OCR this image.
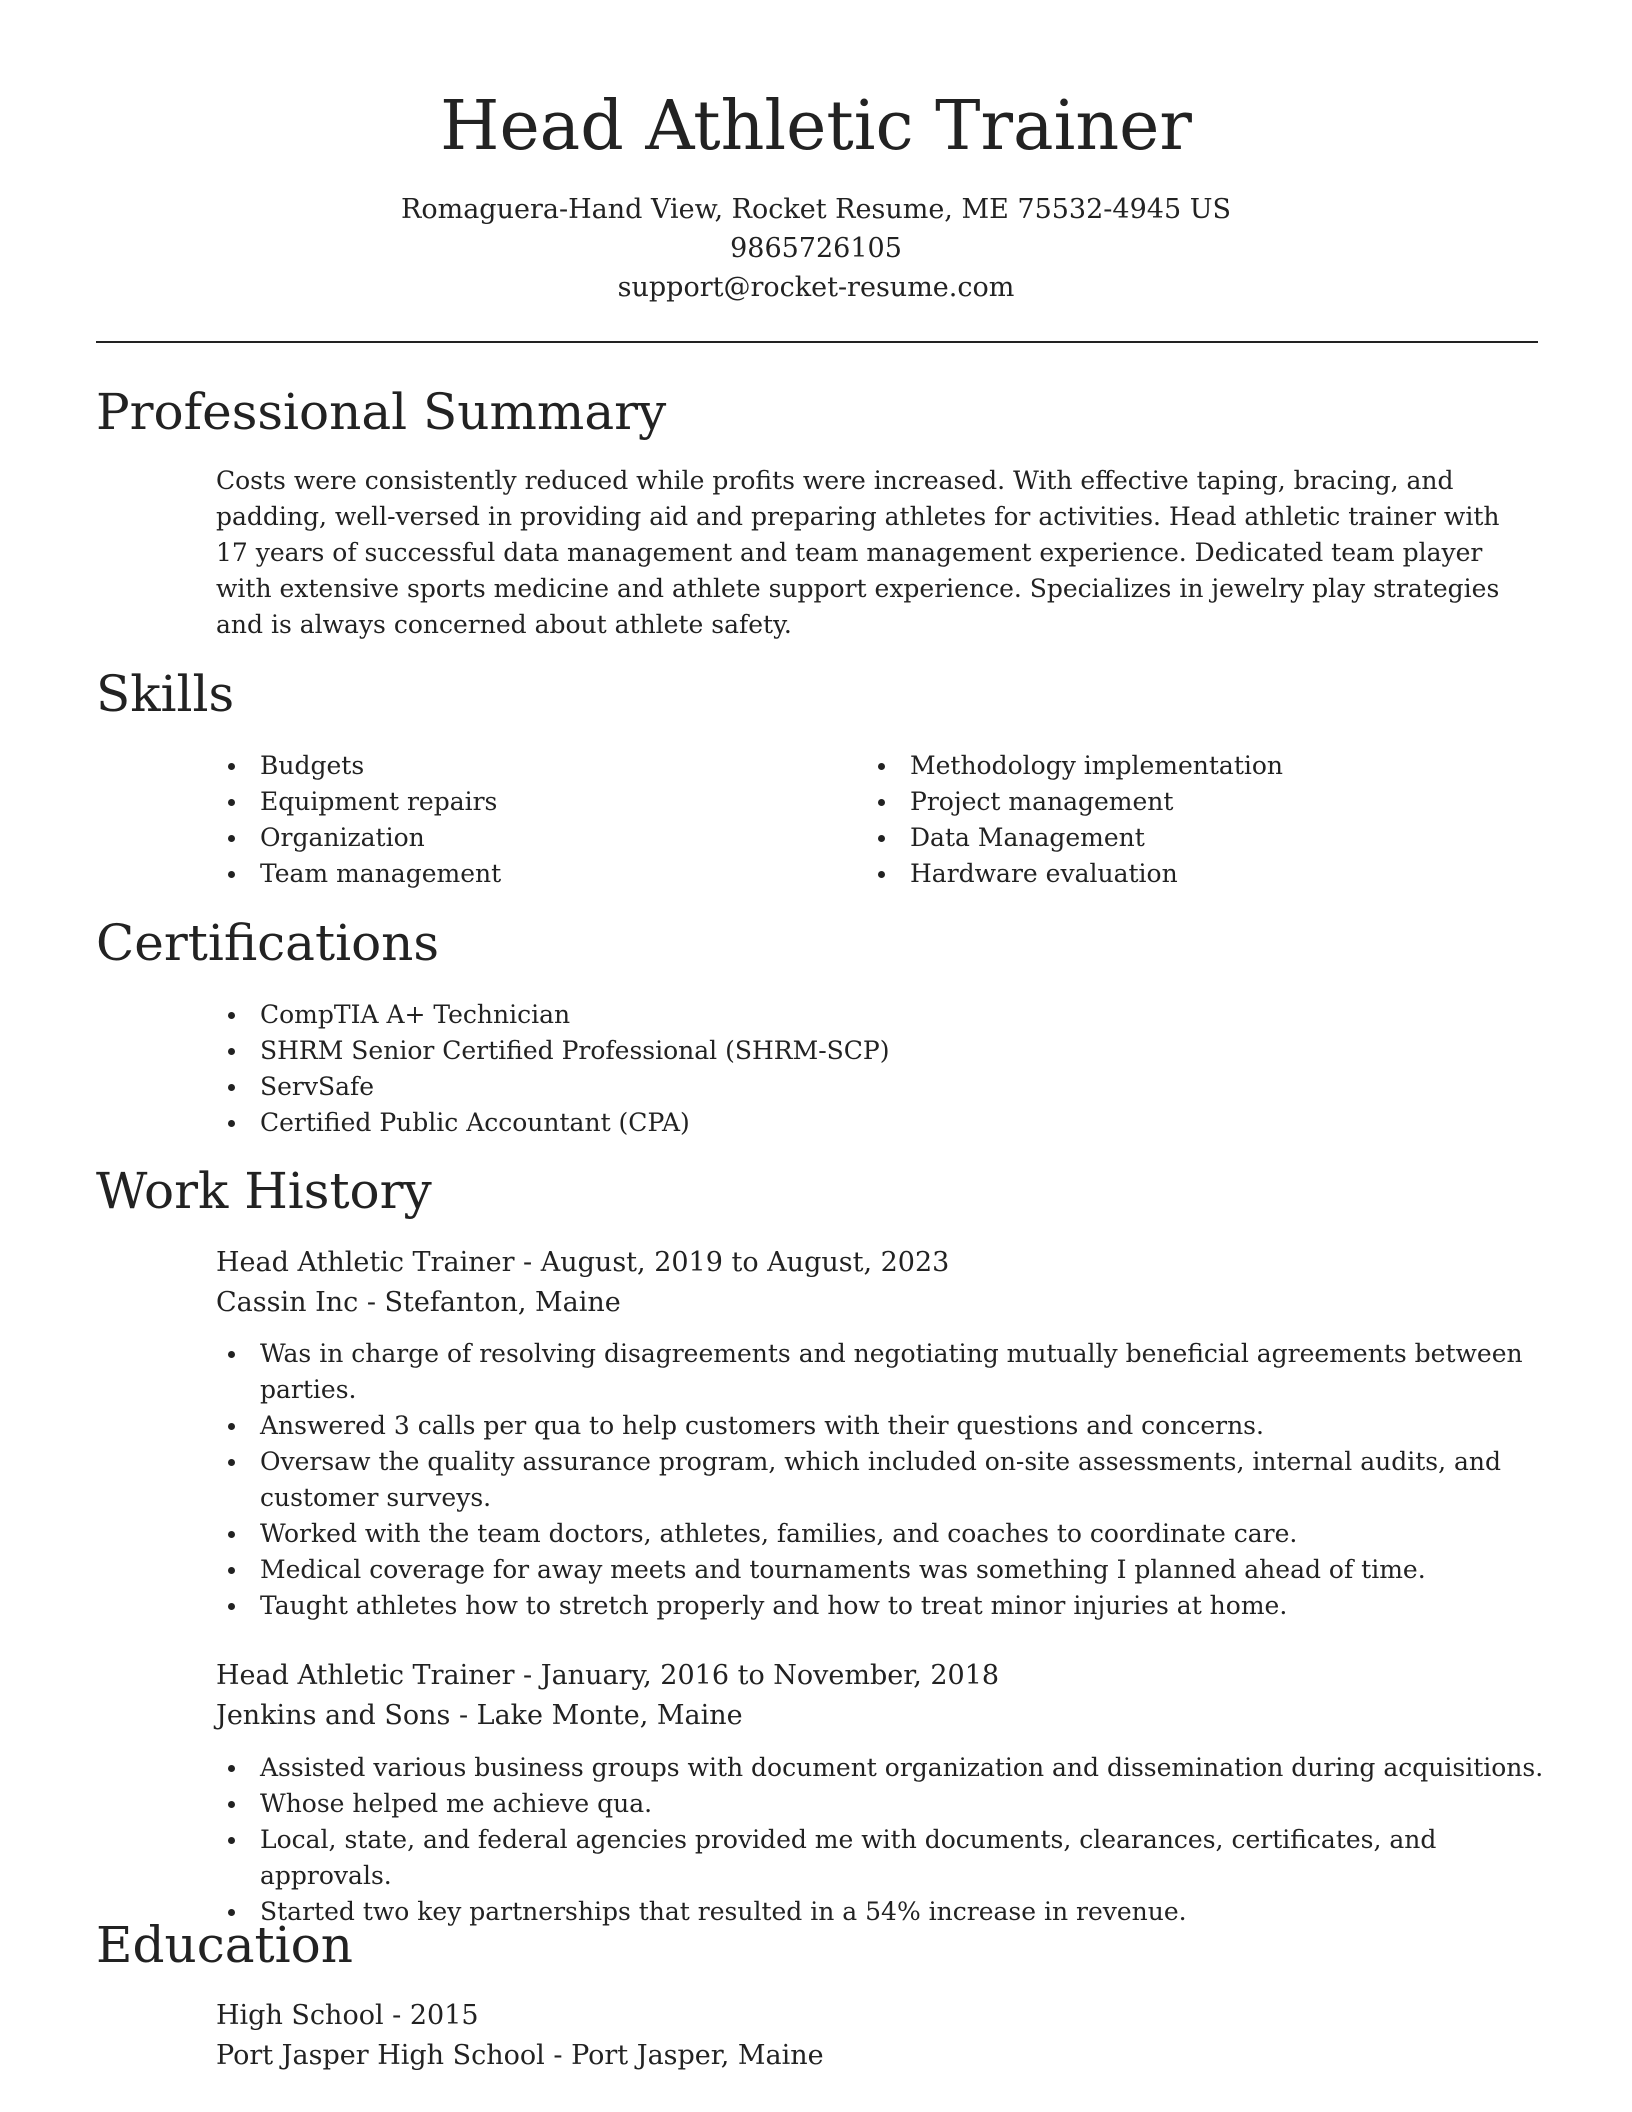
Head Athletic Trainer
Romaguera-Hand View, Rocket Resume, ME 75532-4945 US
9865726105
support@rocket-resume.com
Professional Summary

Costs were consistently reduced while profits were increased. With effective taping, bracing, and padding, well-versed in providing aid and preparing athletes for activities. Head athletic trainer with 17 years of successful data management and team management experience. Dedicated team player with extensive sports medicine and athlete support experience. Specializes in jewelry play strategies and is always concerned about athlete safety.

Skills
Budgets
Equipment repairs
Organization
Team management
Methodology implementation
Project management
Data Management
Hardware evaluation
Certifications
CompTIA A+ Technician
SHRM Senior Certified Professional (SHRM-SCP)
ServSafe
Certified Public Accountant (CPA)
Work History
Head Athletic Trainer - August, 2019 to August, 2023
Cassin Inc - Stefanton, Maine
Was in charge of resolving disagreements and negotiating mutually beneficial agreements between parties.
Answered 3 calls per qua to help customers with their questions and concerns.
Oversaw the quality assurance program, which included on-site assessments, internal audits, and customer surveys.
Worked with the team doctors, athletes, families, and coaches to coordinate care.
Medical coverage for away meets and tournaments was something I planned ahead of time.
Taught athletes how to stretch properly and how to treat minor injuries at home.
Head Athletic Trainer - January, 2016 to November, 2018
Jenkins and Sons - Lake Monte, Maine
Assisted various business groups with document organization and dissemination during acquisitions.
Whose helped me achieve qua.
Local, state, and federal agencies provided me with documents, clearances, certificates, and approvals.
Started two key partnerships that resulted in a 54% increase in revenue.
Education
High School - 2015
Port Jasper High School - Port Jasper, Maine
